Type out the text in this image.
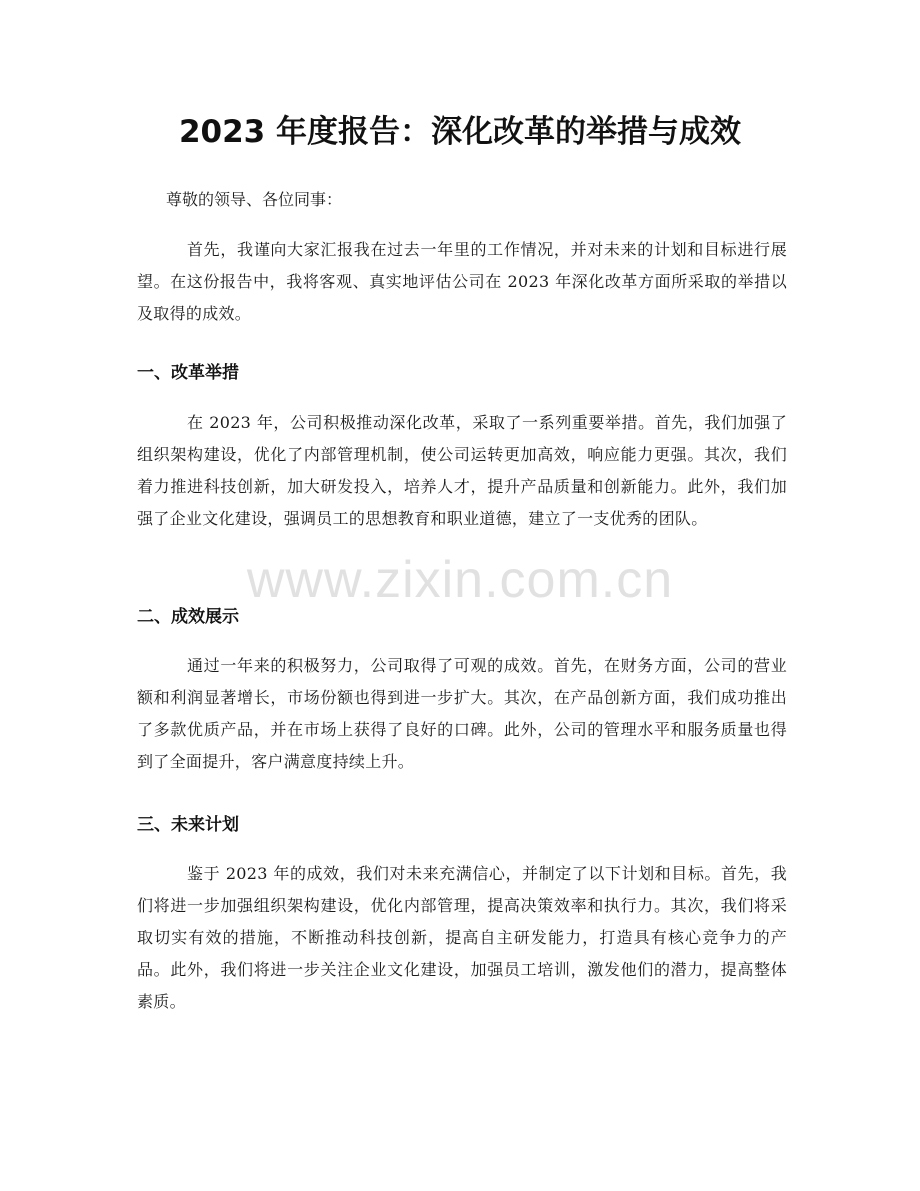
2023 年度报告：深化改革的举措与成效

尊敬的领导、各位同事：

首先，我谨向大家汇报我在过去一年里的工作情况，并对未来的计划和目标进行展望。在这份报告中，我将客观、真实地评估公司在 2023 年深化改革方面所采取的举措以及取得的成效。

一、改革举措

在 2023 年，公司积极推动深化改革，采取了一系列重要举措。首先，我们加强了组织架构建设，优化了内部管理机制，使公司运转更加高效，响应能力更强。其次，我们着力推进科技创新，加大研发投入，培养人才，提升产品质量和创新能力。此外，我们加强了企业文化建设，强调员工的思想教育和职业道德，建立了一支优秀的团队。

二、成效展示

通过一年来的积极努力，公司取得了可观的成效。首先，在财务方面，公司的营业额和利润显著增长，市场份额也得到进一步扩大。其次，在产品创新方面，我们成功推出了多款优质产品，并在市场上获得了良好的口碑。此外，公司的管理水平和服务质量也得到了全面提升，客户满意度持续上升。

三、未来计划

鉴于 2023 年的成效，我们对未来充满信心，并制定了以下计划和目标。首先，我们将进一步加强组织架构建设，优化内部管理，提高决策效率和执行力。其次，我们将采取切实有效的措施，不断推动科技创新，提高自主研发能力，打造具有核心竞争力的产品。此外，我们将进一步关注企业文化建设，加强员工培训，激发他们的潜力，提高整体素质。

www.zixin.com.cn
